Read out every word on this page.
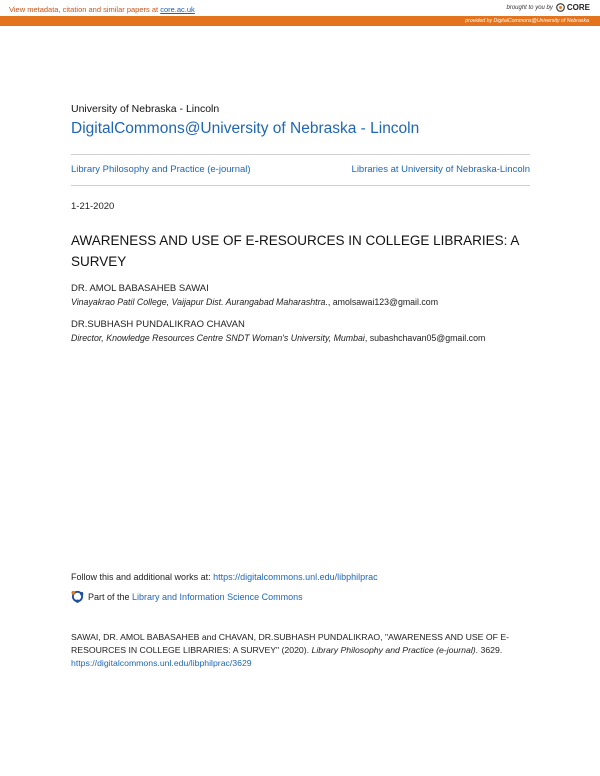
View metadata, citation and similar papers at core.ac.uk	brought to you by CORE
provided by DigitalCommons@University of Nebraska
University of Nebraska - Lincoln
DigitalCommons@University of Nebraska - Lincoln
Library Philosophy and Practice (e-journal)	Libraries at University of Nebraska-Lincoln
1-21-2020
AWARENESS AND USE OF E-RESOURCES IN COLLEGE LIBRARIES: A SURVEY
DR. AMOL BABASAHEB SAWAI
Vinayakrao Patil College, Vaijapur Dist. Aurangabad Maharashtra., amolsawai123@gmail.com
DR.SUBHASH PUNDALIKRAO CHAVAN
Director, Knowledge Resources Centre SNDT Woman's University, Mumbai, subashchavan05@gmail.com
Follow this and additional works at: https://digitalcommons.unl.edu/libphilprac
Part of the Library and Information Science Commons
SAWAI, DR. AMOL BABASAHEB and CHAVAN, DR.SUBHASH PUNDALIKRAO, "AWARENESS AND USE OF E-RESOURCES IN COLLEGE LIBRARIES: A SURVEY" (2020). Library Philosophy and Practice (e-journal). 3629.
https://digitalcommons.unl.edu/libphilprac/3629
